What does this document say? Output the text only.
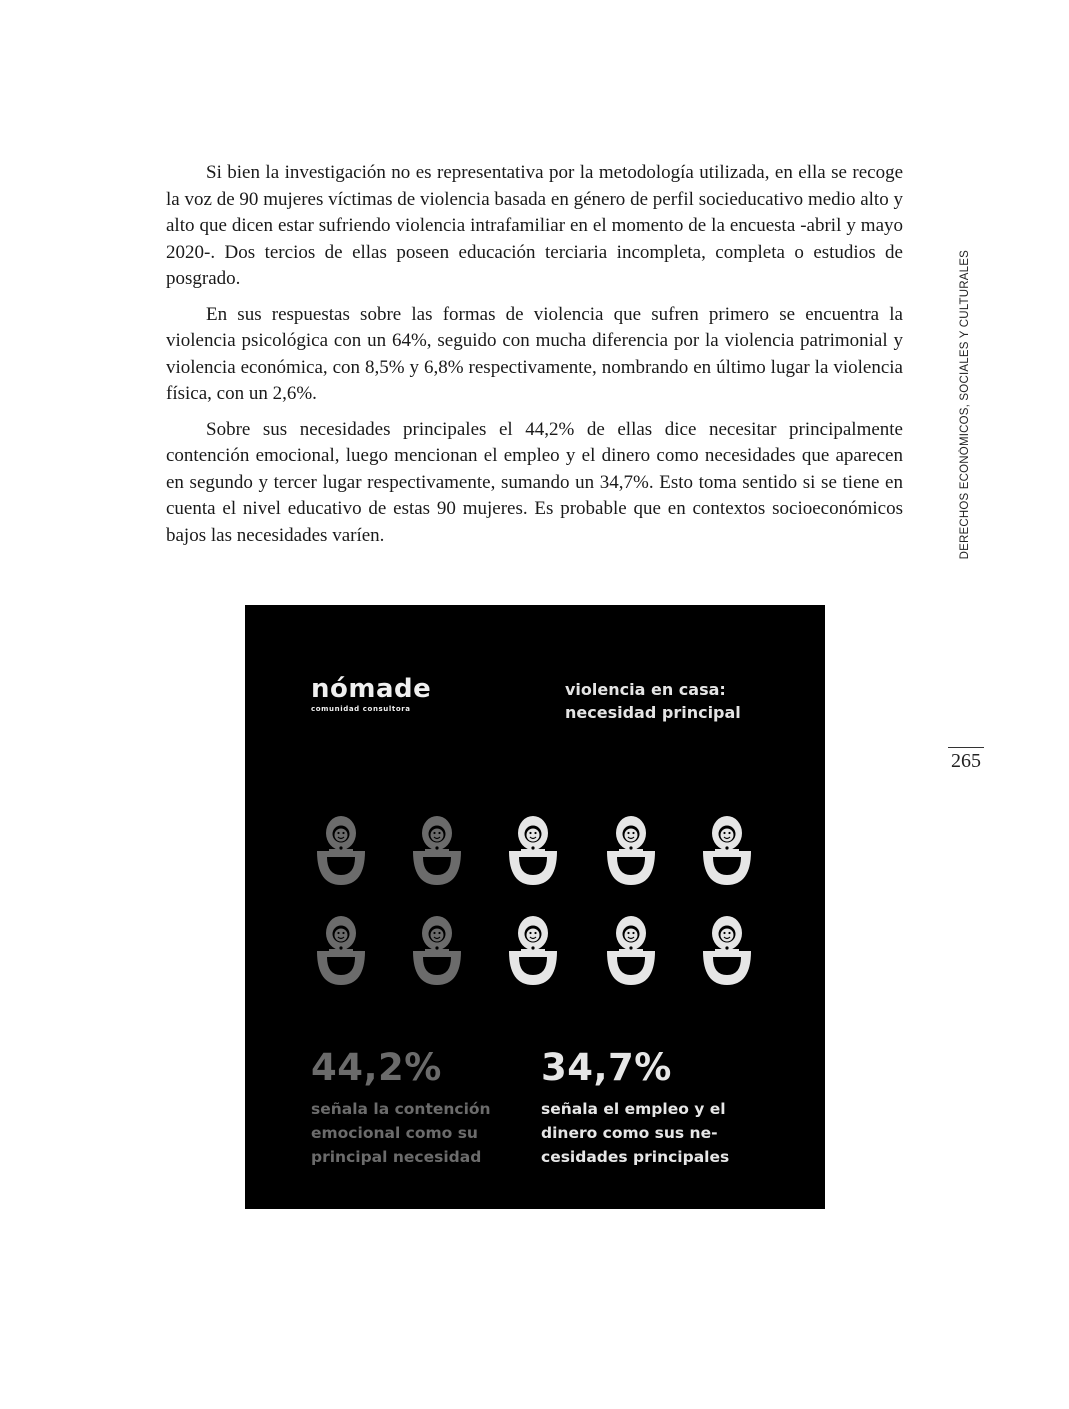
Si bien la investigación no es representativa por la metodología utilizada, en ella se recoge la voz de 90 mujeres víctimas de violencia basada en género de perfil socieducativo medio alto y alto que dicen estar sufriendo violencia intrafamiliar en el momento de la encuesta -abril y mayo 2020-. Dos tercios de ellas poseen educación terciaria incompleta, completa o estudios de posgrado.

En sus respuestas sobre las formas de violencia que sufren primero se encuentra la violencia psicológica con un 64%, seguido con mucha diferencia por la violencia patrimonial y violencia económica, con 8,5% y 6,8% respectivamente, nombrando en último lugar la violencia física, con un 2,6%.

Sobre sus necesidades principales el 44,2% de ellas dice necesitar principalmente contención emocional, luego mencionan el empleo y el dinero como necesidades que aparecen en segundo y tercer lugar respectivamente, sumando un 34,7%. Esto toma sentido si se tiene en cuenta el nivel educativo de estas 90 mujeres. Es probable que en contextos socioeconómicos bajos las necesidades varíen.	DERECHOS ECONÓMICOS, SOCIALES Y CULTURALES
265
nómade
comunidad consultora
violencia en casa:
necesidad principal
44,2%
señala la contención
emocional como su
principal necesidad
34,7%
señala el empleo y el
dinero como sus ne-
cesidades principales
